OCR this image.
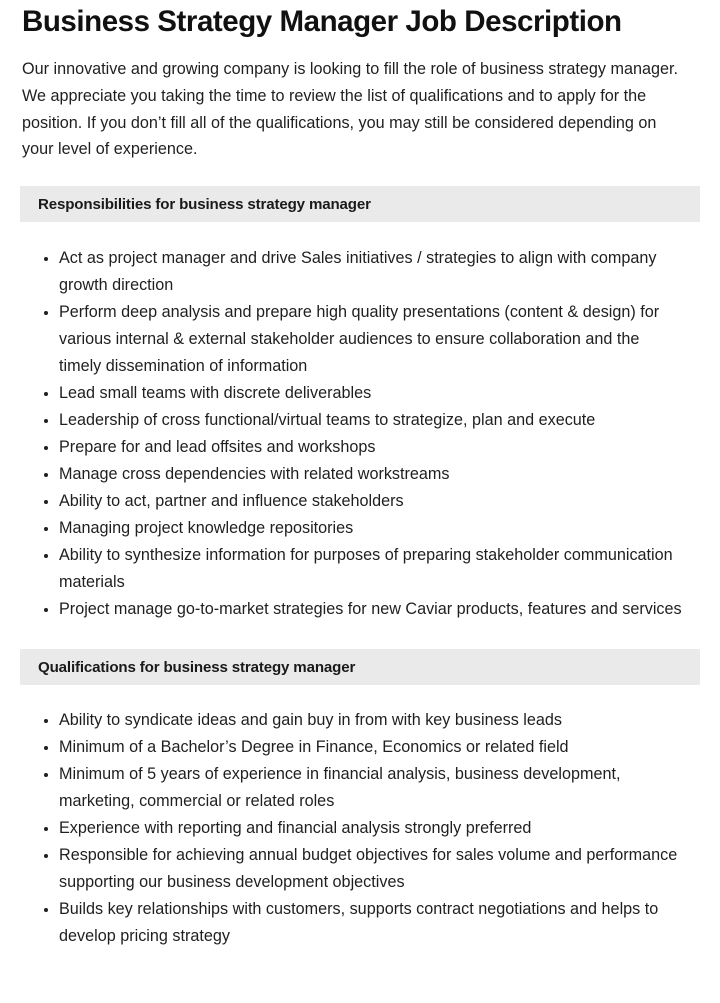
Business Strategy Manager Job Description

Our innovative and growing company is looking to fill the role of business strategy manager. We appreciate you taking the time to review the list of qualifications and to apply for the position. If you don’t fill all of the qualifications, you may still be considered depending on your level of experience.

Responsibilities for business strategy manager
Act as project manager and drive Sales initiatives / strategies to align with company growth direction
Perform deep analysis and prepare high quality presentations (content & design) for various internal & external stakeholder audiences to ensure collaboration and the timely dissemination of information
Lead small teams with discrete deliverables
Leadership of cross functional/virtual teams to strategize, plan and execute
Prepare for and lead offsites and workshops
Manage cross dependencies with related workstreams
Ability to act, partner and influence stakeholders
Managing project knowledge repositories
Ability to synthesize information for purposes of preparing stakeholder communication materials
Project manage go-to-market strategies for new Caviar products, features and services
Qualifications for business strategy manager
Ability to syndicate ideas and gain buy in from with key business leads
Minimum of a Bachelor’s Degree in Finance, Economics or related field
Minimum of 5 years of experience in financial analysis, business development, marketing, commercial or related roles
Experience with reporting and financial analysis strongly preferred
Responsible for achieving annual budget objectives for sales volume and performance supporting our business development objectives
Builds key relationships with customers, supports contract negotiations and helps to develop pricing strategy
